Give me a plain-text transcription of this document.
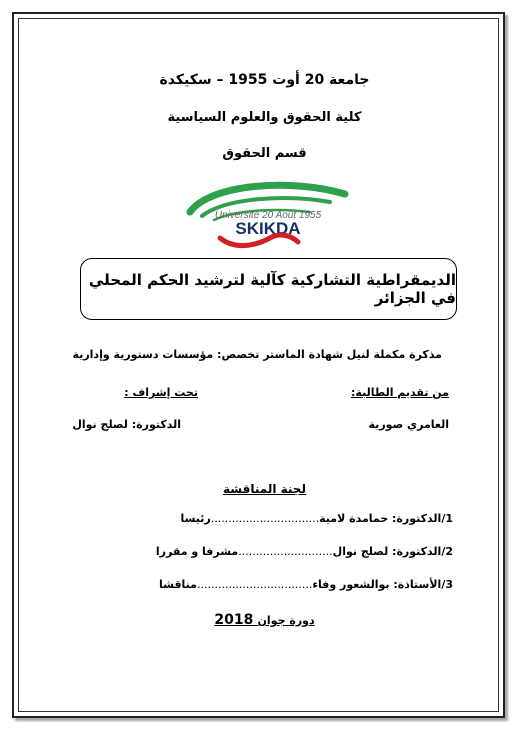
جامعة 20 أوت 1955 – سكيكدة
كلية الحقوق والعلوم السياسية
قسم الحقوق
Université 20 Août 1955
SKIKDA
الديمقراطية التشاركية كآلية لترشيد الحكم المحلي في الجزائر
مذكرة مكملة لنيل شهادة الماستر تخصص: مؤسسات دستورية وإدارية
من تقديم الطالبة:
تحت إشراف :
العامري صورية
الدكتورة: لصلج نوال
لجنة المناقشة
1/الدكتورة: حمامدة لامية...............................رئيسا
2/الدكتورة: لصلج نوال...........................مشرفا و مقررا
3/الأستاذة: بوالشعور وفاء.................................مناقشا
دورة جوان 2018
